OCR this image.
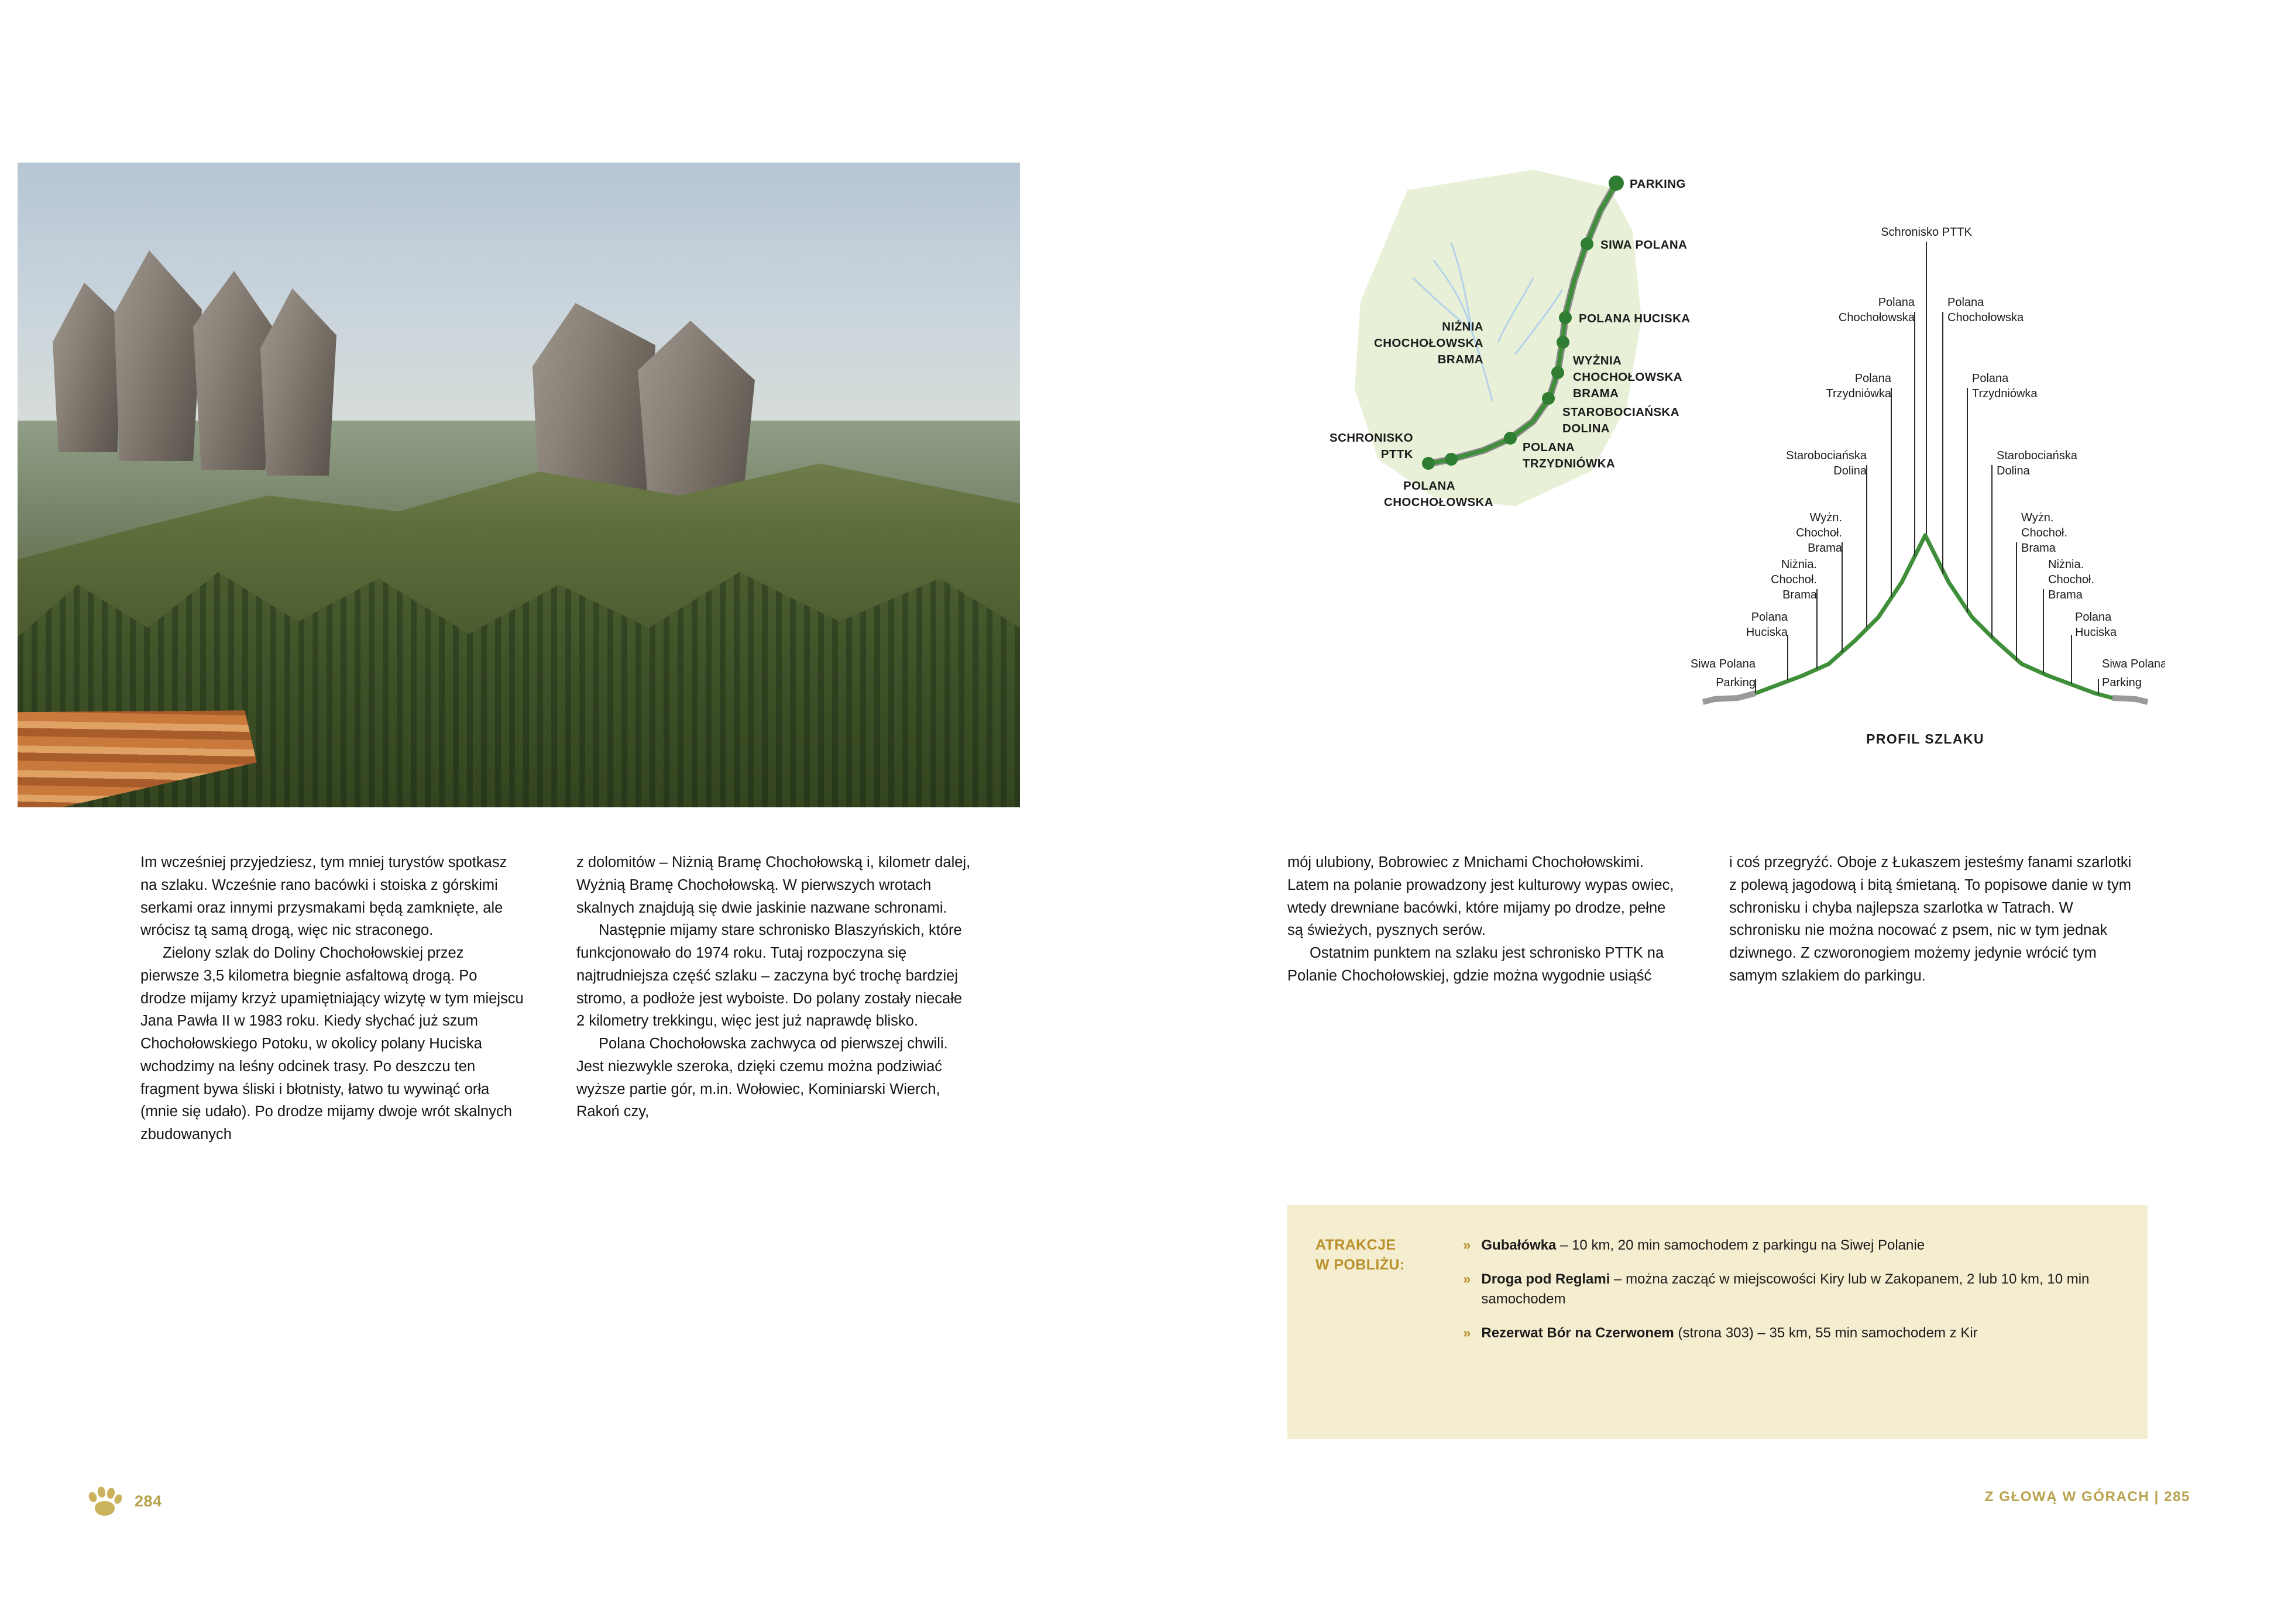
Im wcześniej przyjedziesz, tym mniej turystów spotkasz na szlaku. Wcześnie rano bacówki i stoiska z górskimi serkami oraz innymi przysmakami będą zamknięte, ale wrócisz tą samą drogą, więc nic straconego.

Zielony szlak do Doliny Chochołowskiej przez pierwsze 3,5 kilometra biegnie asfaltową drogą. Po drodze mijamy krzyż upamiętniający wizytę w tym miejscu Jana Pawła II w 1983 roku. Kiedy słychać już szum Chochołowskiego Potoku, w okolicy polany Huciska wchodzimy na leśny odcinek trasy. Po deszczu ten fragment bywa śliski i błotnisty, łatwo tu wywinąć orła (mnie się udało). Po drodze mijamy dwoje wrót skalnych zbudowanych

z dolomitów – Niżnią Bramę Chochołowską i, kilometr dalej, Wyżnią Bramę Chochołowską. W pierwszych wrotach skalnych znajdują się dwie jaskinie nazwane schronami.

Następnie mijamy stare schronisko Blaszyńskich, które funkcjonowało do 1974 roku. Tutaj rozpoczyna się najtrudniejsza część szlaku – zaczyna być trochę bardziej stromo, a podłoże jest wyboiste. Do polany zostały niecałe 2 kilometry trekkingu, więc jest już naprawdę blisko.

Polana Chochołowska zachwyca od pierwszej chwili. Jest niezwykle szeroka, dzięki czemu można podziwiać wyższe partie gór, m.in. Wołowiec, Kominiarski Wierch, Rakoń czy,

mój ulubiony, Bobrowiec z Mnichami Chochołowskimi. Latem na polanie prowadzony jest kulturowy wypas owiec, wtedy drewniane bacówki, które mijamy po drodze, pełne są świeżych, pysznych serów.

Ostatnim punktem na szlaku jest schronisko PTTK na Polanie Chochołowskiej, gdzie można wygodnie usiąść

i coś przegryźć. Oboje z Łukaszem jesteśmy fanami szarlotki z polewą jagodową i bitą śmietaną. To popisowe danie w tym schronisku i chyba najlepsza szarlotka w Tatrach. W schronisku nie można nocować z psem, nic w tym jednak dziwnego. Z czworonogiem możemy jedynie wrócić tym samym szlakiem do parkingu.

PARKING
SIWA POLANA
POLANA HUCISKA
NIŻNIA
CHOCHOŁOWSKA
BRAMA	WYŻNIA
CHOCHOŁOWSKA
BRAMA
STAROBOCIAŃSKA
DOLINA
POLANA
TRZYDNIÓWKA
POLANA
CHOCHOŁOWSKA
SCHRONISKO
PTTK
Schronisko PTTK
Polana
Chochołowska
Polana
Trzydniówka
Starobociańska
Dolina
Wyżn.
Chochoł.
Brama
Niżnia.
Chochoł.
Brama
Polana
Huciska
Siwa Polana
Parking
Polana
Chochołowska
Polana
Trzydniówka
Starobociańska
Dolina
Wyżn.
Chochoł.
Brama
Niżnia.
Chochoł.
Brama
Polana
Huciska
Siwa Polana
Parking
PROFIL SZLAKU
ATRAKCJE
W POBLIŻU:
» Gubałówka – 10 km, 20 min samochodem z parkingu na Siwej Polanie
» Droga pod Reglami – można zacząć w miejscowości Kiry lub w Zakopanem, 2 lub 10 km, 10 min samochodem
» Rezerwat Bór na Czerwonem (strona 303) – 35 km, 55 min samochodem z Kir
284	Z GŁOWĄ W GÓRACH | 285
